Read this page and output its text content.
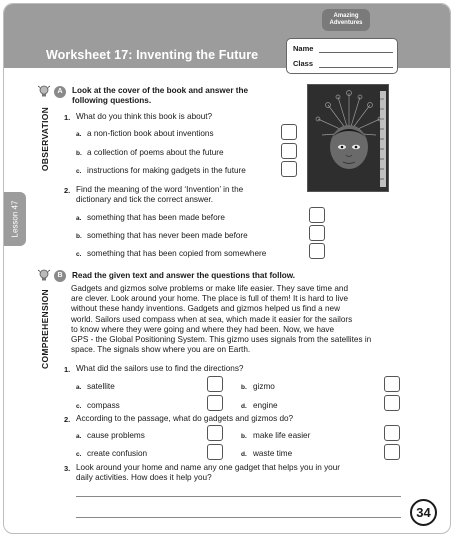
Amazing Adventures
Worksheet 17: Inventing the Future	Name
Class
Lesson 47
A
OBSERVATION
Look at the cover of the book and answer the
following questions.
1. What do you think this book is about?
a. a non-fiction book about inventions
b. a collection of poems about the future
c. instructions for making gadgets in the future
2. Find the meaning of the word ‘Invention’ in the
dictionary and tick the correct answer.
a. something that has been made before
b. something that has never been made before
c. something that has been copied from somewhere
B
COMPREHENSION
Read the given text and answer the questions that follow.
Gadgets and gizmos solve problems or make life easier. They save time and
are clever. Look around your home. The place is full of them! It is hard to live
without these handy inventions. Gadgets and gizmos helped us find a new
world. Sailors used compass when at sea, which made it easier for the sailors
to know where they were going and where they had been. Now, we have
GPS - the Global Positioning System. This gizmo uses signals from the satellites in
space. The signals show where you are on Earth.
1. What did the sailors use to find the directions?
a. satellite	b. gizmo
c. compass	d. engine
2. According to the passage, what do gadgets and gizmos do?
a. cause problems	b. make life easier
c. create confusion	d. waste time
3. Look around your home and name any one gadget that helps you in your
daily activities. How does it help you?
34
